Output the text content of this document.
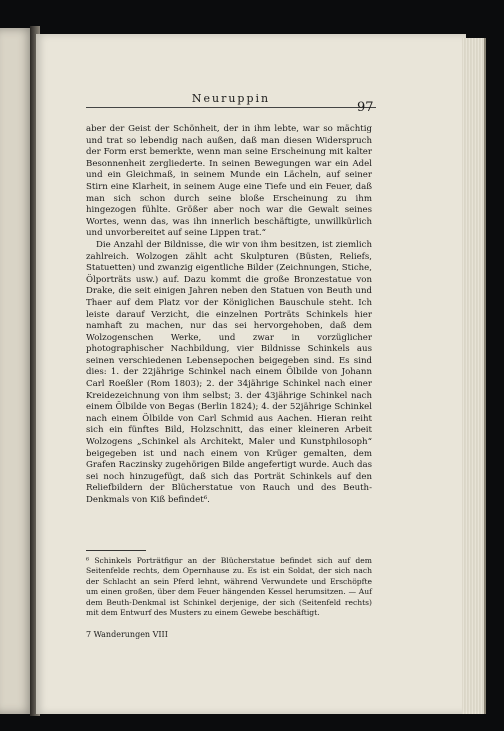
Neuruppin
97

aber der Geist der Schönheit, der in ihm lebte, war so mächtig und trat so lebendig nach außen, daß man diesen Widerspruch der Form erst bemerkte, wenn man seine Erscheinung mit kalter Besonnenheit zergliederte. In seinen Bewegungen war ein Adel und ein Gleichmaß, in seinem Munde ein Lächeln, auf seiner Stirn eine Klarheit, in seinem Auge eine Tiefe und ein Feuer, daß man sich schon durch seine bloße Erscheinung zu ihm hingezogen fühlte. Größer aber noch war die Gewalt seines Wortes, wenn das, was ihn innerlich beschäftigte, unwillkürlich und unvorbereitet auf seine Lippen trat.“

Die Anzahl der Bildnisse, die wir von ihm besitzen, ist ziemlich zahlreich. Wolzogen zählt acht Skulpturen (Büsten, Reliefs, Statuetten) und zwanzig eigentliche Bilder (Zeichnungen, Stiche, Ölporträts usw.) auf. Dazu kommt die große Bronzestatue von Drake, die seit einigen Jahren neben den Statuen von Beuth und Thaer auf dem Platz vor der Königlichen Bauschule steht. Ich leiste darauf Verzicht, die einzelnen Porträts Schinkels hier namhaft zu machen, nur das sei hervorgehoben, daß dem Wolzogenschen Werke, und zwar in vorzüglicher photographischer Nachbildung, vier Bildnisse Schinkels aus seinen verschiedenen Lebensepochen beigegeben sind. Es sind dies: 1. der 22jährige Schinkel nach einem Ölbilde von Johann Carl Roeßler (Rom 1803); 2. der 34jährige Schinkel nach einer Kreidezeichnung von ihm selbst; 3. der 43jährige Schinkel nach einem Ölbilde von Begas (Berlin 1824); 4. der 52jährige Schinkel nach einem Ölbilde von Carl Schmid aus Aachen. Hieran reiht sich ein fünftes Bild, Holzschnitt, das einer kleineren Arbeit Wolzogens „Schinkel als Architekt, Maler und Kunstphilosoph“ beigegeben ist und nach einem von Krüger gemalten, dem Grafen Raczinsky zugehörigen Bilde angefertigt wurde. Auch das sei noch hinzugefügt, daß sich das Porträt Schinkels auf den Reliefbildern der Blücherstatue von Rauch und des Beuth-Denkmals von Kiß befindet⁶.

⁶ Schinkels Porträtfigur an der Blücherstatue befindet sich auf dem Seitenfelde rechts, dem Opernhause zu. Es ist ein Soldat, der sich nach der Schlacht an sein Pferd lehnt, während Verwundete und Erschöpfte um einen großen, über dem Feuer hängenden Kessel herumsitzen. — Auf dem Beuth-Denkmal ist Schinkel derjenige, der sich (Seitenfeld rechts) mit dem Entwurf des Musters zu einem Gewebe beschäftigt.
7 Wanderungen VIII
